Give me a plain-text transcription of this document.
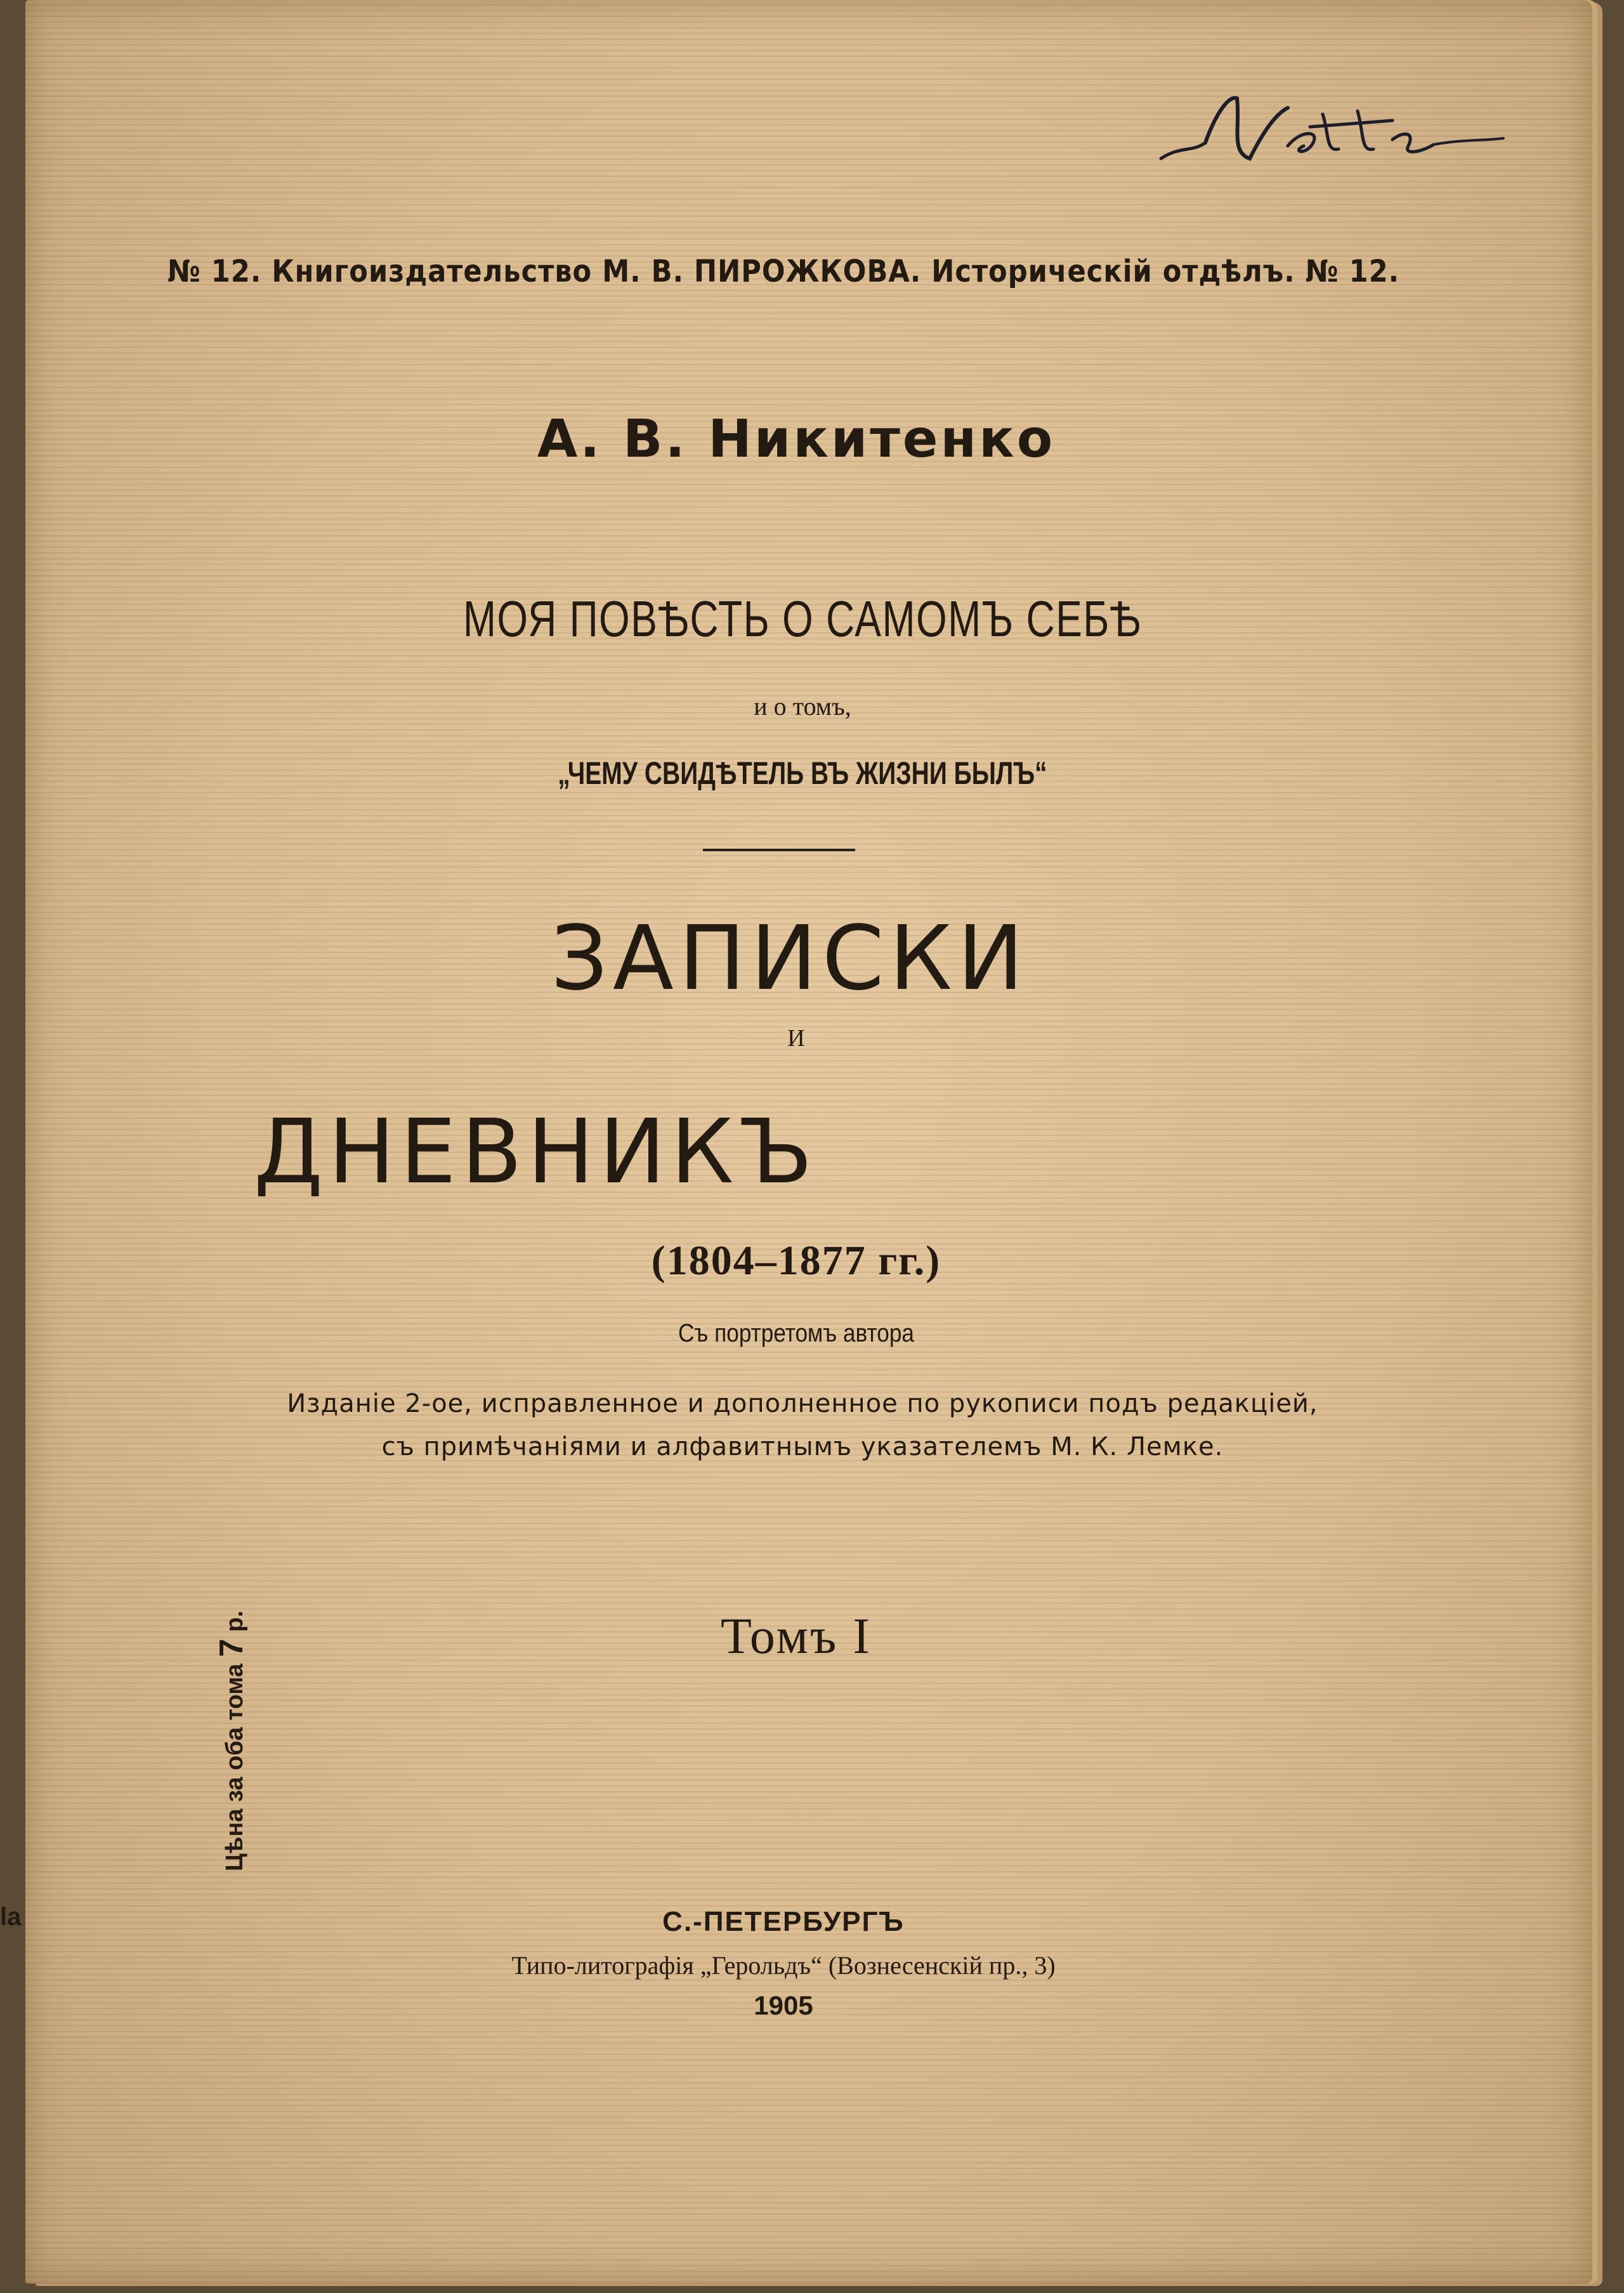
№ 12. Книгоиздательство М. В. ПИРОЖКОВА. Историческій отдѣлъ. № 12.
А. В. Никитенко
МОЯ ПОВѢСТЬ О САМОМЪ СЕБѢ
и о томъ,
„ЧЕМУ СВИДѢТЕЛЬ ВЪ ЖИЗНИ БЫЛЪ“
ЗАПИСКИ
И
ДНЕВНИКЪ
(1804–1877 гг.)
Съ портретомъ автора
Изданіе 2-ое, исправленное и дополненное по рукописи подъ редакціей,
съ примѣчаніями и алфавитнымъ указателемъ М. К. Лемке.
Томъ I
С.-ПЕТЕРБУРГЪ
Типо-литографія „Герольдъ“ (Вознесенскій пр., 3)
1905
Цѣна за оба тома 7 р.
la
